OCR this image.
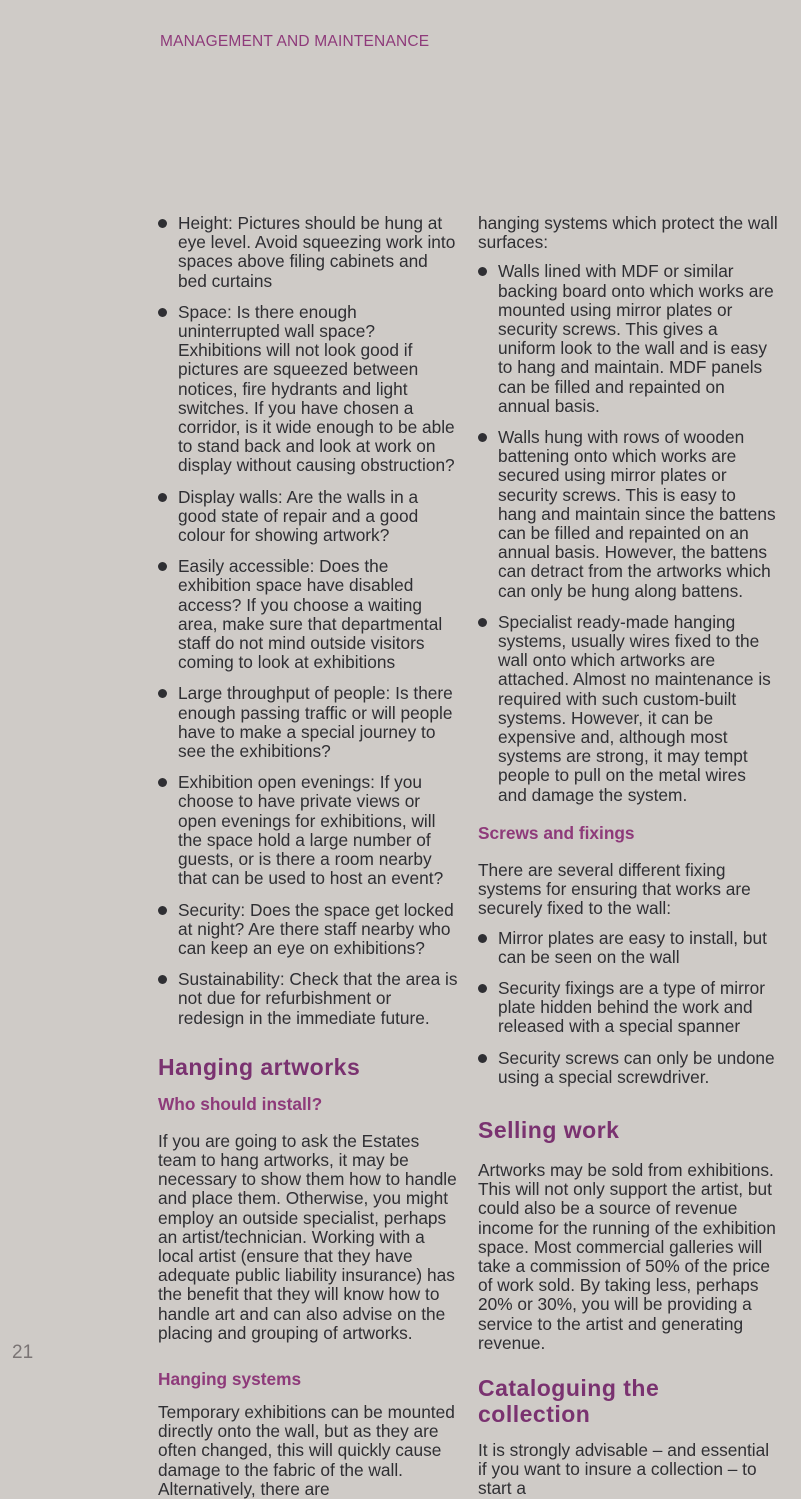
MANAGEMENT AND MAINTENANCE
Height: Pictures should be hung at eye level. Avoid squeezing work into spaces above filing cabinets and bed curtains
Space: Is there enough uninterrupted wall space? Exhibitions will not look good if pictures are squeezed between notices, fire hydrants and light switches. If you have chosen a corridor, is it wide enough to be able to stand back and look at work on display without causing obstruction?
Display walls: Are the walls in a good state of repair and a good colour for showing artwork?
Easily accessible: Does the exhibition space have disabled access? If you choose a waiting area, make sure that departmental staff do not mind outside visitors coming to look at exhibitions
Large throughput of people: Is there enough passing traffic or will people have to make a special journey to see the exhibitions?
Exhibition open evenings: If you choose to have private views or open evenings for exhibitions, will the space hold a large number of guests, or is there a room nearby that can be used to host an event?
Security: Does the space get locked at night? Are there staff nearby who can keep an eye on exhibitions?
Sustainability: Check that the area is not due for refurbishment or redesign in the immediate future.
Hanging artworks
Who should install?

If you are going to ask the Estates team to hang artworks, it may be necessary to show them how to handle and place them. Otherwise, you might employ an outside specialist, perhaps an artist/technician. Working with a local artist (ensure that they have adequate public liability insurance) has the benefit that they will know how to handle art and can also advise on the placing and grouping of artworks.

Hanging systems

Temporary exhibitions can be mounted directly onto the wall, but as they are often changed, this will quickly cause damage to the fabric of the wall. Alternatively, there are

hanging systems which protect the wall surfaces:

Walls lined with MDF or similar backing board onto which works are mounted using mirror plates or security screws. This gives a uniform look to the wall and is easy to hang and maintain. MDF panels can be filled and repainted on annual basis.
Walls hung with rows of wooden battening onto which works are secured using mirror plates or security screws. This is easy to hang and maintain since the battens can be filled and repainted on an annual basis. However, the battens can detract from the artworks which can only be hung along battens.
Specialist ready-made hanging systems, usually wires fixed to the wall onto which artworks are attached. Almost no maintenance is required with such custom-built systems. However, it can be expensive and, although most systems are strong, it may tempt people to pull on the metal wires and damage the system.
Screws and fixings

There are several different fixing systems for ensuring that works are securely fixed to the wall:

Mirror plates are easy to install, but can be seen on the wall
Security fixings are a type of mirror plate hidden behind the work and released with a special spanner
Security screws can only be undone using a special screwdriver.
Selling work

Artworks may be sold from exhibitions. This will not only support the artist, but could also be a source of revenue income for the running of the exhibition space. Most commercial galleries will take a commission of 50% of the price of work sold. By taking less, perhaps 20% or 30%, you will be providing a service to the artist and generating revenue.

Cataloguing the collection

It is strongly advisable – and essential if you want to insure a collection – to start a

21
